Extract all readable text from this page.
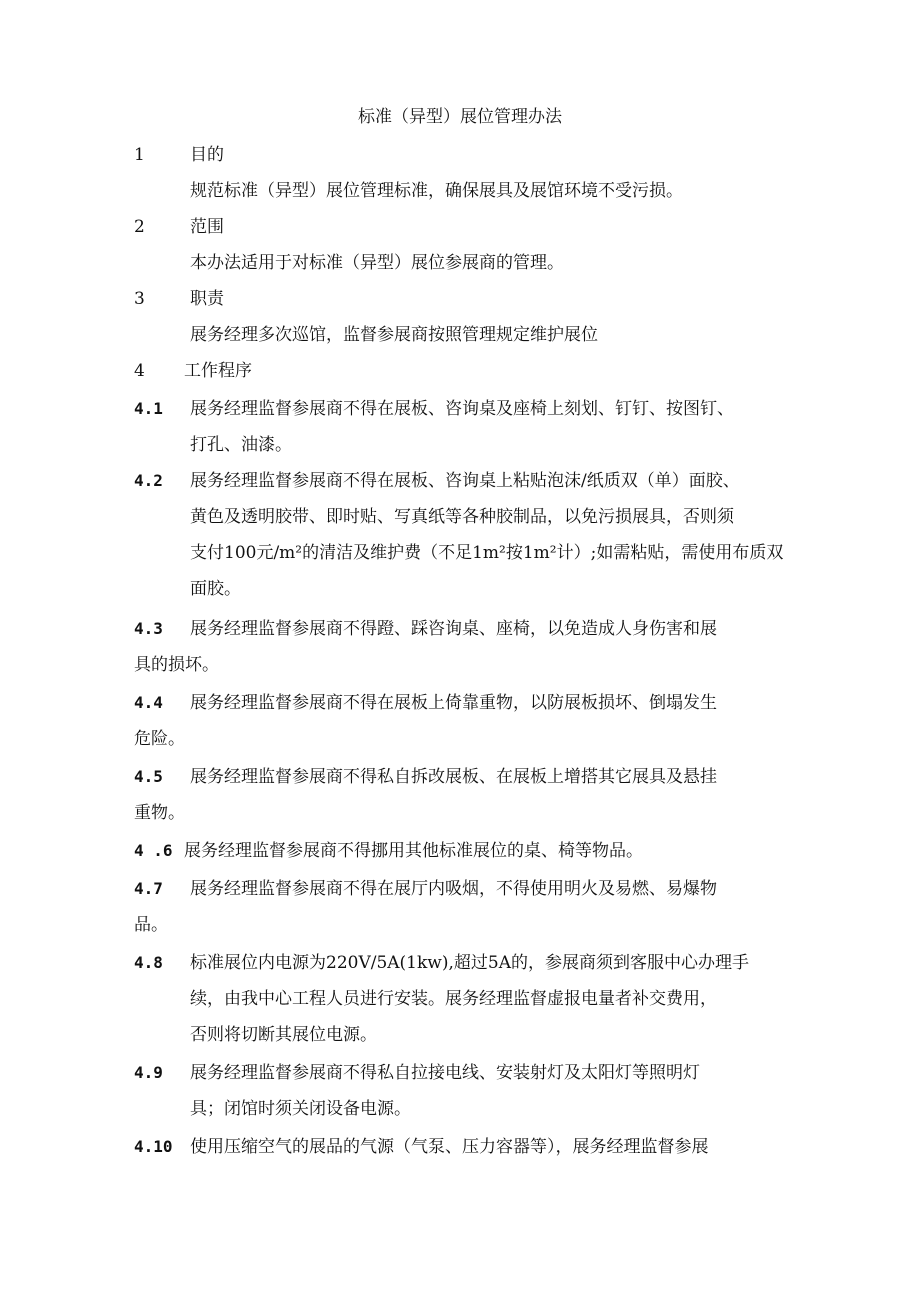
标准（异型）展位管理办法
1	目的
规范标准（异型）展位管理标准，确保展具及展馆环境不受污损。
2	范围
本办法适用于对标准（异型）展位参展商的管理。
3	职责
展务经理多次巡馆，监督参展商按照管理规定维护展位
4 工作程序
4.1 展务经理监督参展商不得在展板、咨询桌及座椅上刻划、钉钉、按图钉、
打孔、油漆。
4.2 展务经理监督参展商不得在展板、咨询桌上粘贴泡沫/纸质双（单）面胶、
黄色及透明胶带、即时贴、写真纸等各种胶制品，以免污损展具，否则须
支付100元/m²的清洁及维护费（不足1m²按1m²计）;如需粘贴，需使用布质双
面胶。
4.3 展务经理监督参展商不得蹬、踩咨询桌、座椅，以免造成人身伤害和展
具的损坏。
4.4 展务经理监督参展商不得在展板上倚靠重物，以防展板损坏、倒塌发生
危险。
4.5 展务经理监督参展商不得私自拆改展板、在展板上增搭其它展具及悬挂
重物。
4 .6 展务经理监督参展商不得挪用其他标准展位的桌、椅等物品。
4.7 展务经理监督参展商不得在展厅内吸烟，不得使用明火及易燃、易爆物
品。
4.8 标准展位内电源为220V/5A(1kw),超过5A的，参展商须到客服中心办理手
续，由我中心工程人员进行安装。展务经理监督虚报电量者补交费用，
否则将切断其展位电源。
4.9 展务经理监督参展商不得私自拉接电线、安装射灯及太阳灯等照明灯
具；闭馆时须关闭设备电源。
4.10 使用压缩空气的展品的气源（气泵、压力容器等），展务经理监督参展
